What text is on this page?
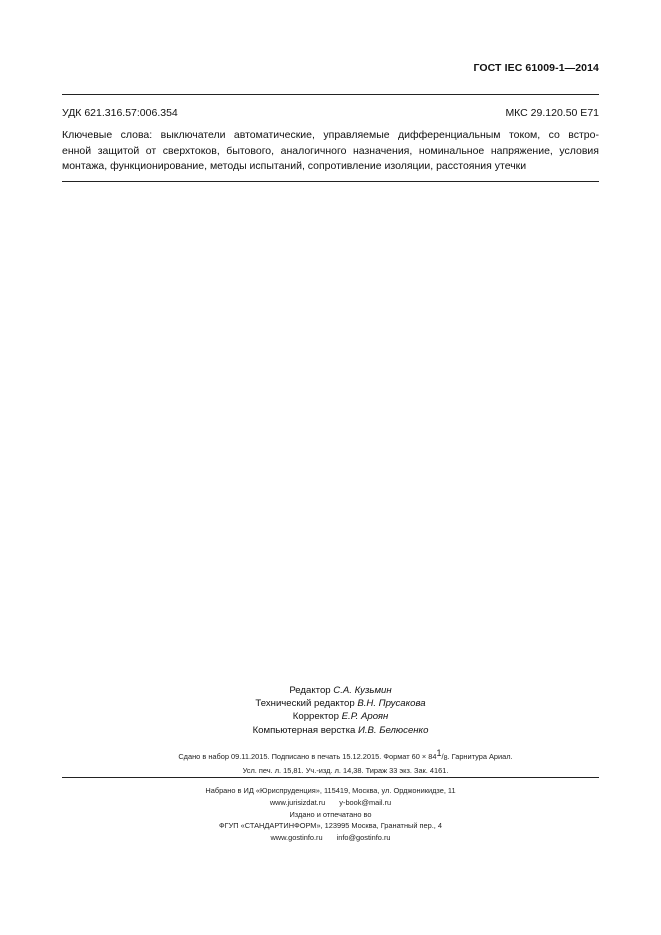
ГОСТ IEC 61009-1—2014
УДК 621.316.57:006.354	МКС 29.120.50 Е71
Ключевые слова: выключатели автоматические, управляемые дифференциальным током, со встро-
енной защитой от сверхтоков, бытового, аналогичного назначения, номинальное напряжение, условия
монтажа, функционирование, методы испытаний, сопротивление изоляции, расстояния утечки
Редактор С.А. Кузьмин
Технический редактор В.Н. Прусакова
Корректор Е.Р. Ароян
Компьютерная верстка И.В. Белюсенко
Сдано в набор 09.11.2015. Подписано в печать 15.12.2015. Формат $60 \times 84^1/_8$. Гарнитура Ариал.
Усл. печ. л. 15,81. Уч.-изд. л. 14,38. Тираж 33 экз. Зак. 4161.
Набрано в ИД «Юриспруденция», 115419, Москва, ул. Орджоникидзе, 11
www.jurisizdat.ru y-book@mail.ru
Издано и отпечатано во
ФГУП «СТАНДАРТИНФОРМ», 123995 Москва, Гранатный пер., 4
www.gostinfo.ru info@gostinfo.ru
